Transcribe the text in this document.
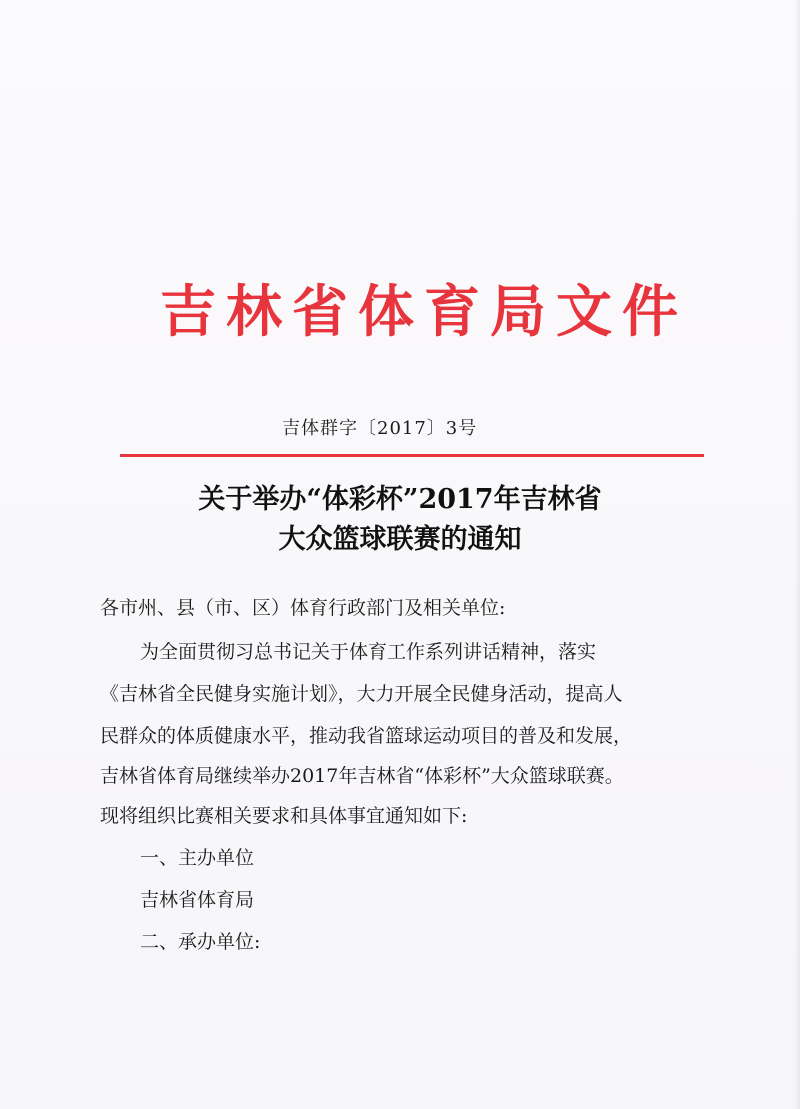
吉林省体育局文件
吉体群字〔2017〕3号
关于举办“体彩杯”2017年吉林省
大众篮球联赛的通知
各市州、县（市、区）体育行政部门及相关单位:
为全面贯彻习总书记关于体育工作系列讲话精神，落实
《吉林省全民健身实施计划》，大力开展全民健身活动，提高人
民群众的体质健康水平，推动我省篮球运动项目的普及和发展，
吉林省体育局继续举办2017年吉林省“体彩杯”大众篮球联赛。
现将组织比赛相关要求和具体事宜通知如下:
一、主办单位
吉林省体育局
二、承办单位:
